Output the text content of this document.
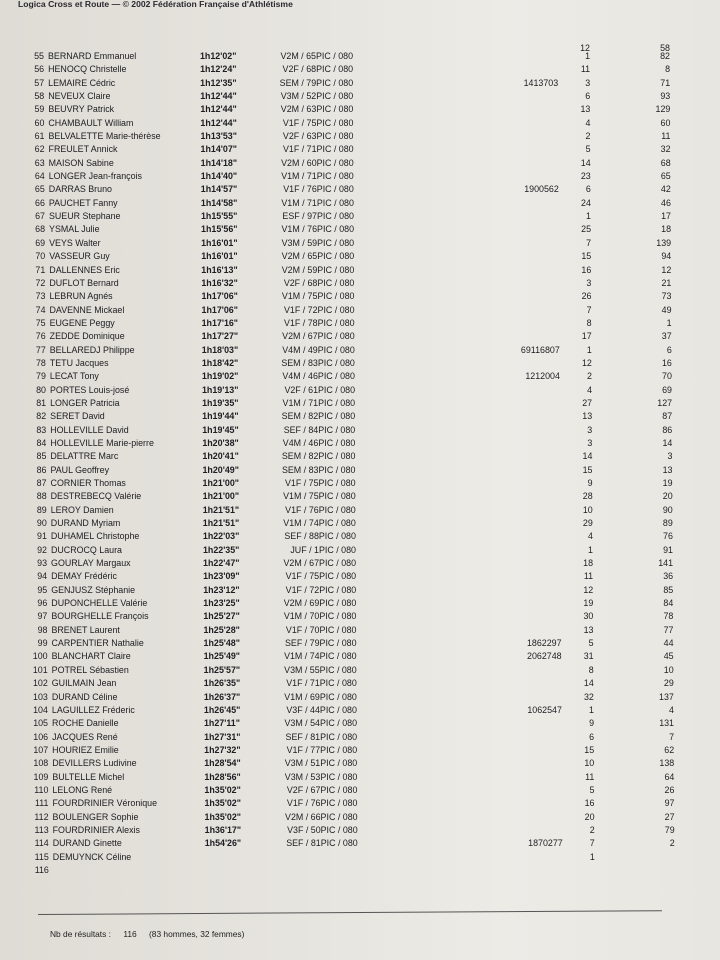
Logica Cross et Route — © 2002 Fédération Française d'Athlétisme
12	58
55 BERNARD Emmanuel	1h12'02"	V2M / 65 PIC / 080	1	82
56 HENOCQ Christelle	1h12'24"	V2F / 68 PIC / 080	11	8
57 LEMAIRE Cédric	1h12'35"	SEM / 79 PIC / 080	1413703	3	71
58 NEVEUX Claire	1h12'44"	V3M / 52 PIC / 080	6	93
59 BEUVRY Patrick	1h12'44"	V2M / 63 PIC / 080	13	129
60 CHAMBAULT William	1h12'44"	V1F / 75 PIC / 080	4	60
61 BELVALETTE Marie-thérèse	1h13'53"	V2F / 63 PIC / 080	2	11
62 FREULET Annick	1h14'07"	V1F / 71 PIC / 080	5	32
63 MAISON Sabine	1h14'18"	V2M / 60 PIC / 080	14	68
64 LONGER Jean-françois	1h14'40"	V1M / 71 PIC / 080	23	65
65 DARRAS Bruno	1h14'57"	V1F / 76 PIC / 080	1900562	6	42
66 PAUCHET Fanny	1h14'58"	V1M / 71 PIC / 080	24	46
67 SUEUR Stephane	1h15'55"	ESF / 97 PIC / 080	1	17
68 YSMAL Julie	1h15'56"	V1M / 76 PIC / 080	25	18
69 VEYS Walter	1h16'01"	V3M / 59 PIC / 080	7	139
70 VASSEUR Guy	1h16'01"	V2M / 65 PIC / 080	15	94
71 DALLENNES Eric	1h16'13"	V2M / 59 PIC / 080	16	12
72 DUFLOT Bernard	1h16'32"	V2F / 68 PIC / 080	3	21
73 LEBRUN Agnés	1h17'06"	V1M / 75 PIC / 080	26	73
74 DAVENNE Mickael	1h17'06"	V1F / 72 PIC / 080	7	49
75 EUGENE Peggy	1h17'16"	V1F / 78 PIC / 080	8	1
76 ZEDDE Dominique	1h17'27"	V2M / 67 PIC / 080	17	37
77 BELLAREDJ Philippe	1h18'03"	V4M / 49 PIC / 080	69116807	1	6
78 TETU Jacques	1h18'42"	SEM / 83 PIC / 080	12	16
79 LECAT Tony	1h19'02"	V4M / 46 PIC / 080	1212004	2	70
80 PORTES Louis-josé	1h19'13"	V2F / 61 PIC / 080	4	69
81 LONGER Patricia	1h19'35"	V1M / 71 PIC / 080	27	127
82 SERET David	1h19'44"	SEM / 82 PIC / 080	13	87
83 HOLLEVILLE David	1h19'45"	SEF / 84 PIC / 080	3	86
84 HOLLEVILLE Marie-pierre	1h20'38"	V4M / 46 PIC / 080	3	14
85 DELATTRE Marc	1h20'41"	SEM / 82 PIC / 080	14	3
86 PAUL Geoffrey	1h20'49"	SEM / 83 PIC / 080	15	13
87 CORNIER Thomas	1h21'00"	V1F / 75 PIC / 080	9	19
88 DESTREBECQ Valérie	1h21'00"	V1M / 75 PIC / 080	28	20
89 LEROY Damien	1h21'51"	V1F / 76 PIC / 080	10	90
90 DURAND Myriam	1h21'51"	V1M / 74 PIC / 080	29	89
91 DUHAMEL Christophe	1h22'03"	SEF / 88 PIC / 080	4	76
92 DUCROCQ Laura	1h22'35"	JUF / 1 PIC / 080	1	91
93 GOURLAY Margaux	1h22'47"	V2M / 67 PIC / 080	18	141
94 DEMAY Frédéric	1h23'09"	V1F / 75 PIC / 080	11	36
95 GENJUSZ Stéphanie	1h23'12"	V1F / 72 PIC / 080	12	85
96 DUPONCHELLE Valérie	1h23'25"	V2M / 69 PIC / 080	19	84
97 BOURGHELLE François	1h25'27"	V1M / 70 PIC / 080	30	78
98 BRENET Laurent	1h25'28"	V1F / 70 PIC / 080	13	77
99 CARPENTIER Nathalie	1h25'48"	SEF / 79 PIC / 080	1862297	5	44
100 BLANCHART Claire	1h25'49"	V1M / 74 PIC / 080	2062748	31	45
101 POTREL Sébastien	1h25'57"	V3M / 55 PIC / 080	8	10
102 GUILMAIN Jean	1h26'35"	V1F / 71 PIC / 080	14	29
103 DURAND Céline	1h26'37"	V1M / 69 PIC / 080	32	137
104 LAGUILLEZ Fréderic	1h26'45"	V3F / 44 PIC / 080	1062547	1	4
105 ROCHE Danielle	1h27'11"	V3M / 54 PIC / 080	9	131
106 JACQUES René	1h27'31"	SEF / 81 PIC / 080	6	7
107 HOURIEZ Emilie	1h27'32"	V1F / 77 PIC / 080	15	62
108 DEVILLERS Ludivine	1h28'54"	V3M / 51 PIC / 080	10	138
109 BULTELLE Michel	1h28'56"	V3M / 53 PIC / 080	11	64
110 LELONG René	1h35'02"	V2F / 67 PIC / 080	5	26
111 FOURDRINIER Véronique	1h35'02"	V1F / 76 PIC / 080	16	97
112 BOULENGER Sophie	1h35'02"	V2M / 66 PIC / 080	20	27
113 FOURDRINIER Alexis	1h36'17"	V3F / 50 PIC / 080	2	79
114 DURAND Ginette	1h54'26"	SEF / 81 PIC / 080	1870277	7	2
115 DEMUYNCK Céline	1
116
Nb de résultats : 116 (83 hommes, 32 femmes)
